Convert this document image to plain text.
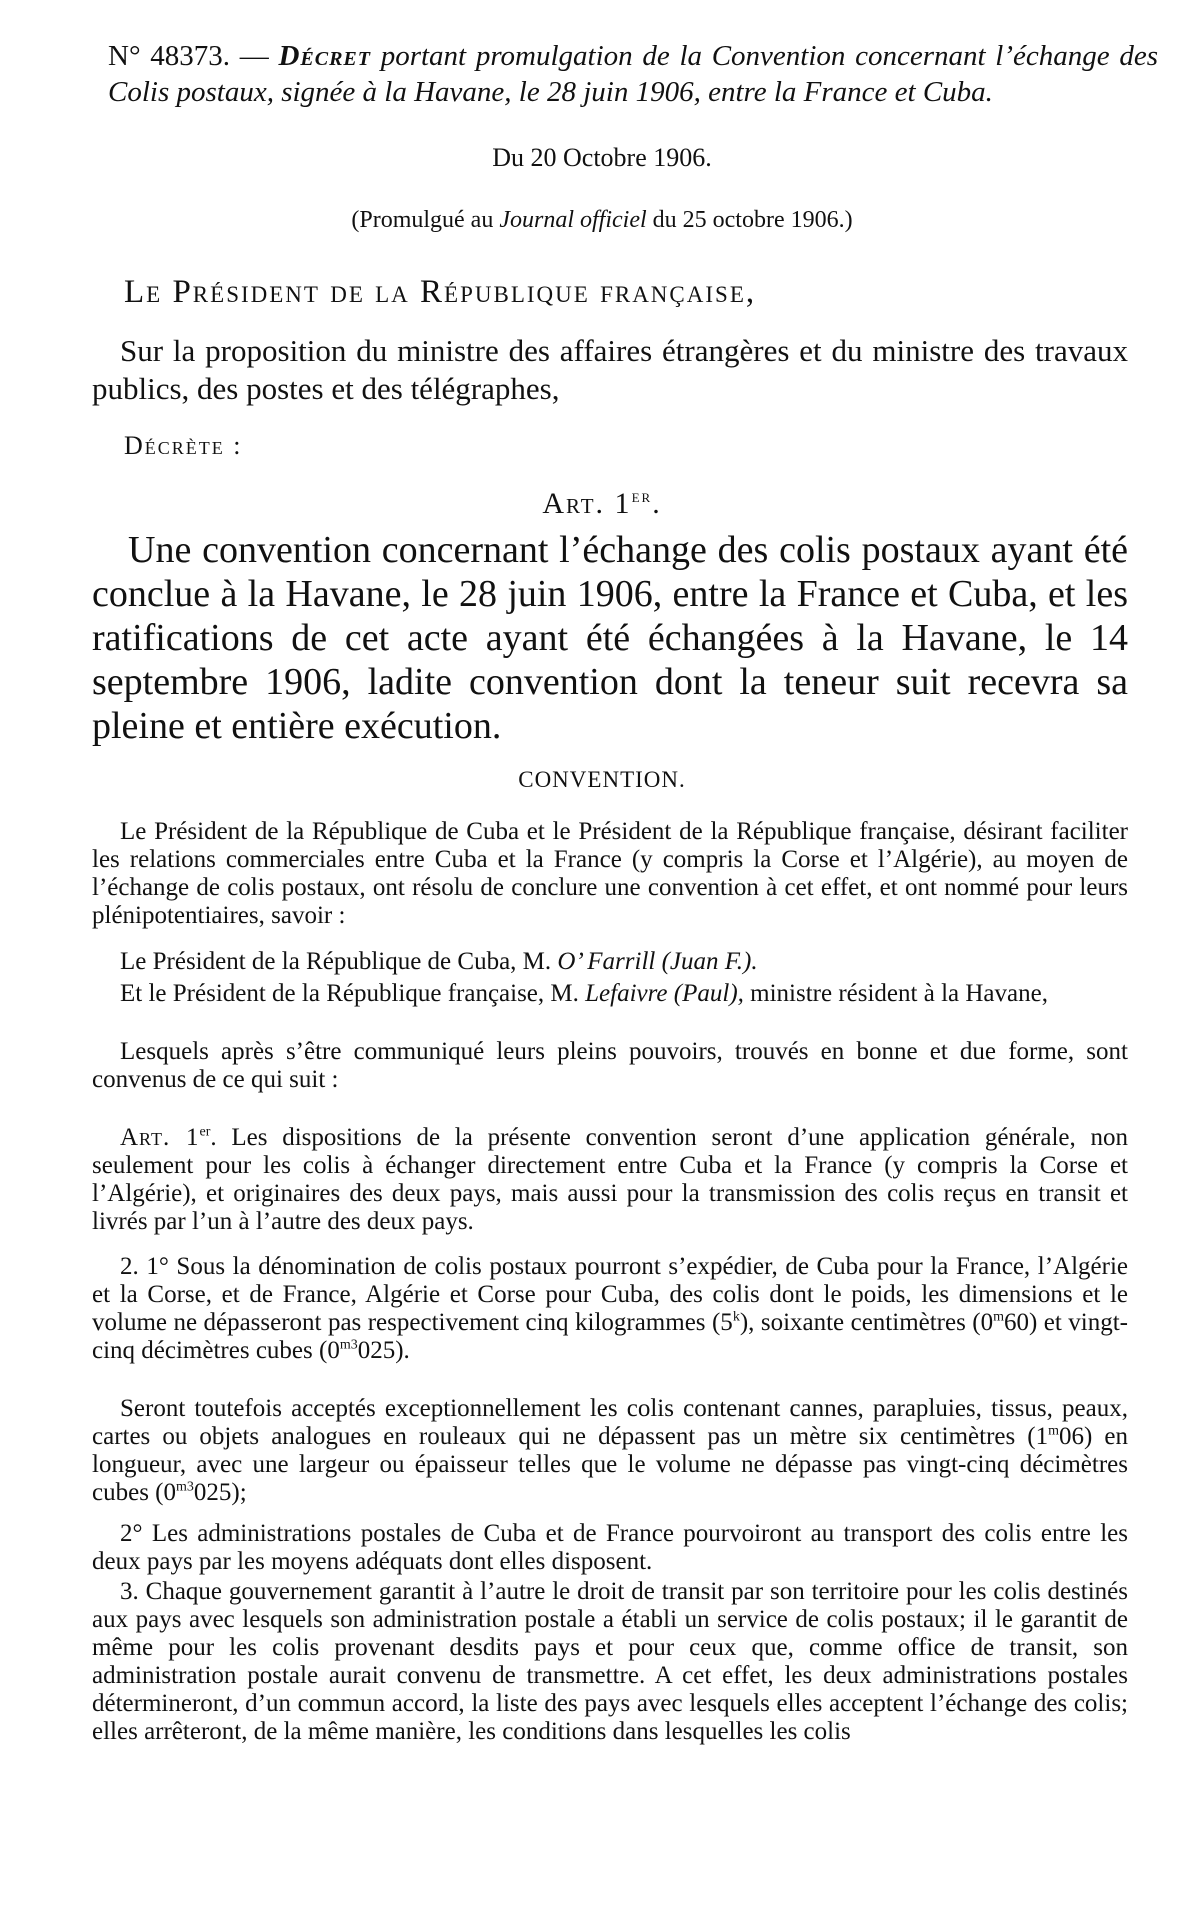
N° 48373. — Décret portant promulgation de la Convention concernant l’échange des Colis postaux, signée à la Havane, le 28 juin 1906, entre la France et Cuba.

Du 20 Octobre 1906.

(Promulgué au Journal officiel du 25 octobre 1906.)

Le Président de la République française,

Sur la proposition du ministre des affaires étrangères et du ministre des travaux publics, des postes et des télégraphes,

Décrète :

Art. 1er.

Une convention concernant l’échange des colis postaux ayant été conclue à la Havane, le 28 juin 1906, entre la France et Cuba, et les ratifications de cet acte ayant été échangées à la Havane, le 14 septembre 1906, ladite convention dont la teneur suit recevra sa pleine et entière exécution.

CONVENTION.

Le Président de la République de Cuba et le Président de la République française, désirant faciliter les relations commerciales entre Cuba et la France (y compris la Corse et l’Algérie), au moyen de l’échange de colis postaux, ont résolu de conclure une convention à cet effet, et ont nommé pour leurs plénipotentiaires, savoir :

Le Président de la République de Cuba, M. O’ Farrill (Juan F.).

Et le Président de la République française, M. Lefaivre (Paul), ministre résident à la Havane,

Lesquels après s’être communiqué leurs pleins pouvoirs, trouvés en bonne et due forme, sont convenus de ce qui suit :

Art. 1er. Les dispositions de la présente convention seront d’une application générale, non seulement pour les colis à échanger directement entre Cuba et la France (y compris la Corse et l’Algérie), et originaires des deux pays, mais aussi pour la transmission des colis reçus en transit et livrés par l’un à l’autre des deux pays.

2. 1° Sous la dénomination de colis postaux pourront s’expédier, de Cuba pour la France, l’Algérie et la Corse, et de France, Algérie et Corse pour Cuba, des colis dont le poids, les dimensions et le volume ne dépasseront pas respectivement cinq kilogrammes (5$^k$), soixante centimètres (0$^m$60) et vingt-cinq décimètres cubes $(0^{m3}025)$.

Seront toutefois acceptés exceptionnellement les colis contenant cannes, parapluies, tissus, peaux, cartes ou objets analogues en rouleaux qui ne dépassent pas un mètre six centimètres (1$^m$06) en longueur, avec une largeur ou épaisseur telles que le volume ne dépasse pas vingt-cinq décimètres cubes $(0^{m3}025)$;

2° Les administrations postales de Cuba et de France pourvoiront au transport des colis entre les deux pays par les moyens adéquats dont elles disposent.

3. Chaque gouvernement garantit à l’autre le droit de transit par son territoire pour les colis destinés aux pays avec lesquels son administration postale a établi un service de colis postaux; il le garantit de même pour les colis provenant desdits pays et pour ceux que, comme office de transit, son administration postale aurait convenu de transmettre. A cet effet, les deux administrations postales détermineront, d’un commun accord, la liste des pays avec lesquels elles acceptent l’échange des colis; elles arrêteront, de la même manière, les conditions dans lesquelles les colis
